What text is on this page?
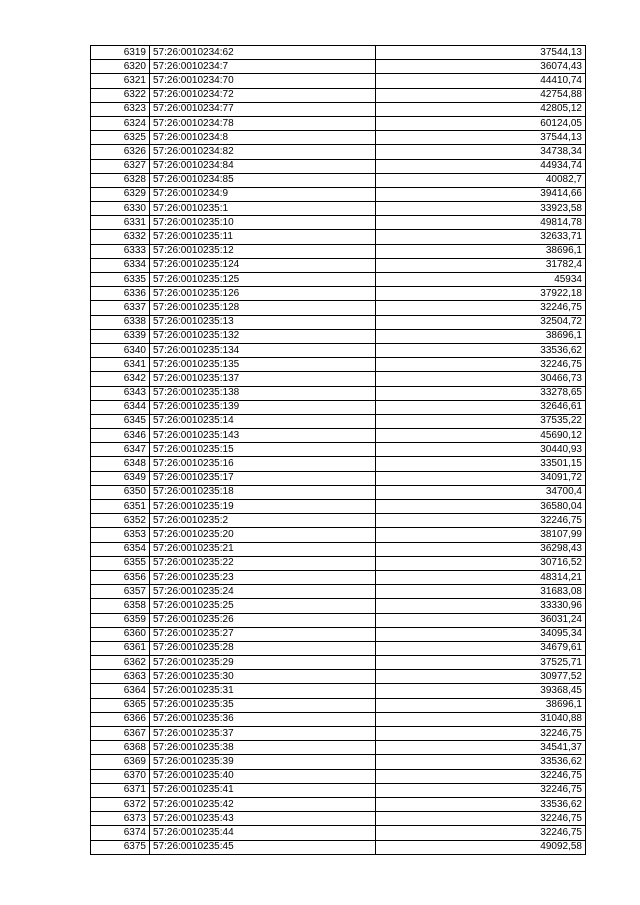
6319	57:26:0010234:62	37544,13
6320	57:26:0010234:7	36074,43
6321	57:26:0010234:70	44410,74
6322	57:26:0010234:72	42754,88
6323	57:26:0010234:77	42805,12
6324	57:26:0010234:78	60124,05
6325	57:26:0010234:8	37544,13
6326	57:26:0010234:82	34738,34
6327	57:26:0010234:84	44934,74
6328	57:26:0010234:85	40082,7
6329	57:26:0010234:9	39414,66
6330	57:26:0010235:1	33923,58
6331	57:26:0010235:10	49814,78
6332	57:26:0010235:11	32633,71
6333	57:26:0010235:12	38696,1
6334	57:26:0010235:124	31782,4
6335	57:26:0010235:125	45934
6336	57:26:0010235:126	37922,18
6337	57:26:0010235:128	32246,75
6338	57:26:0010235:13	32504,72
6339	57:26:0010235:132	38696,1
6340	57:26:0010235:134	33536,62
6341	57:26:0010235:135	32246,75
6342	57:26:0010235:137	30466,73
6343	57:26:0010235:138	33278,65
6344	57:26:0010235:139	32646,61
6345	57:26:0010235:14	37535,22
6346	57:26:0010235:143	45690,12
6347	57:26:0010235:15	30440,93
6348	57:26:0010235:16	33501,15
6349	57:26:0010235:17	34091,72
6350	57:26:0010235:18	34700,4
6351	57:26:0010235:19	36580,04
6352	57:26:0010235:2	32246,75
6353	57:26:0010235:20	38107,99
6354	57:26:0010235:21	36298,43
6355	57:26:0010235:22	30716,52
6356	57:26:0010235:23	48314,21
6357	57:26:0010235:24	31683,08
6358	57:26:0010235:25	33330,96
6359	57:26:0010235:26	36031,24
6360	57:26:0010235:27	34095,34
6361	57:26:0010235:28	34679,61
6362	57:26:0010235:29	37525,71
6363	57:26:0010235:30	30977,52
6364	57:26:0010235:31	39368,45
6365	57:26:0010235:35	38696,1
6366	57:26:0010235:36	31040,88
6367	57:26:0010235:37	32246,75
6368	57:26:0010235:38	34541,37
6369	57:26:0010235:39	33536,62
6370	57:26:0010235:40	32246,75
6371	57:26:0010235:41	32246,75
6372	57:26:0010235:42	33536,62
6373	57:26:0010235:43	32246,75
6374	57:26:0010235:44	32246,75
6375	57:26:0010235:45	49092,58
